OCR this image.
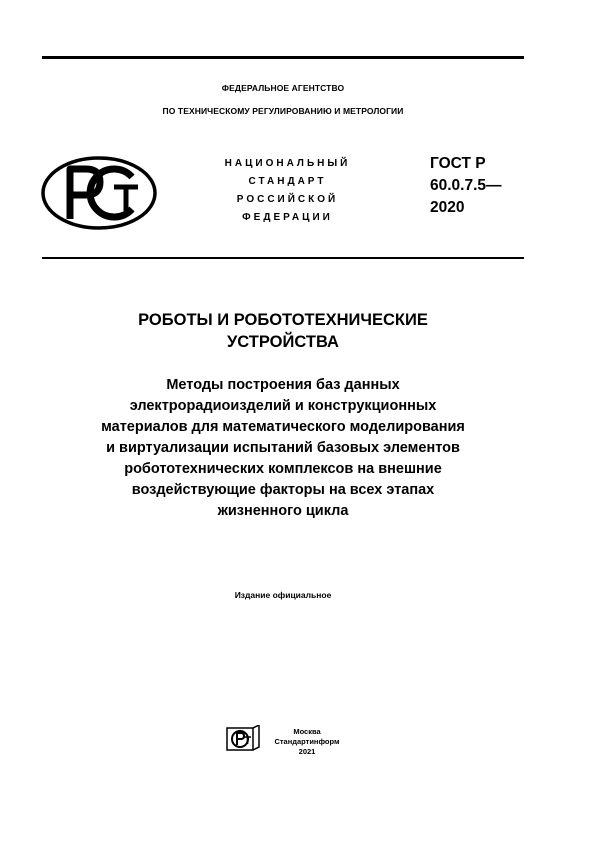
ФЕДЕРАЛЬНОЕ АГЕНТСТВО
ПО ТЕХНИЧЕСКОМУ РЕГУЛИРОВАНИЮ И МЕТРОЛОГИИ
НАЦИОНАЛЬНЫЙ
СТАНДАРТ
РОССИЙСКОЙ
ФЕДЕРАЦИИ
ГОСТ Р
60.0.7.5—
2020
РОБОТЫ И РОБОТОТЕХНИЧЕСКИЕ
УСТРОЙСТВА
Методы построения баз данных
электрорадиоизделий и конструкционных
материалов для математического моделирования
и виртуализации испытаний базовых элементов
робототехнических комплексов на внешние
воздействующие факторы на всех этапах
жизненного цикла
Издание официальное
Москва
Стандартинформ
2021
